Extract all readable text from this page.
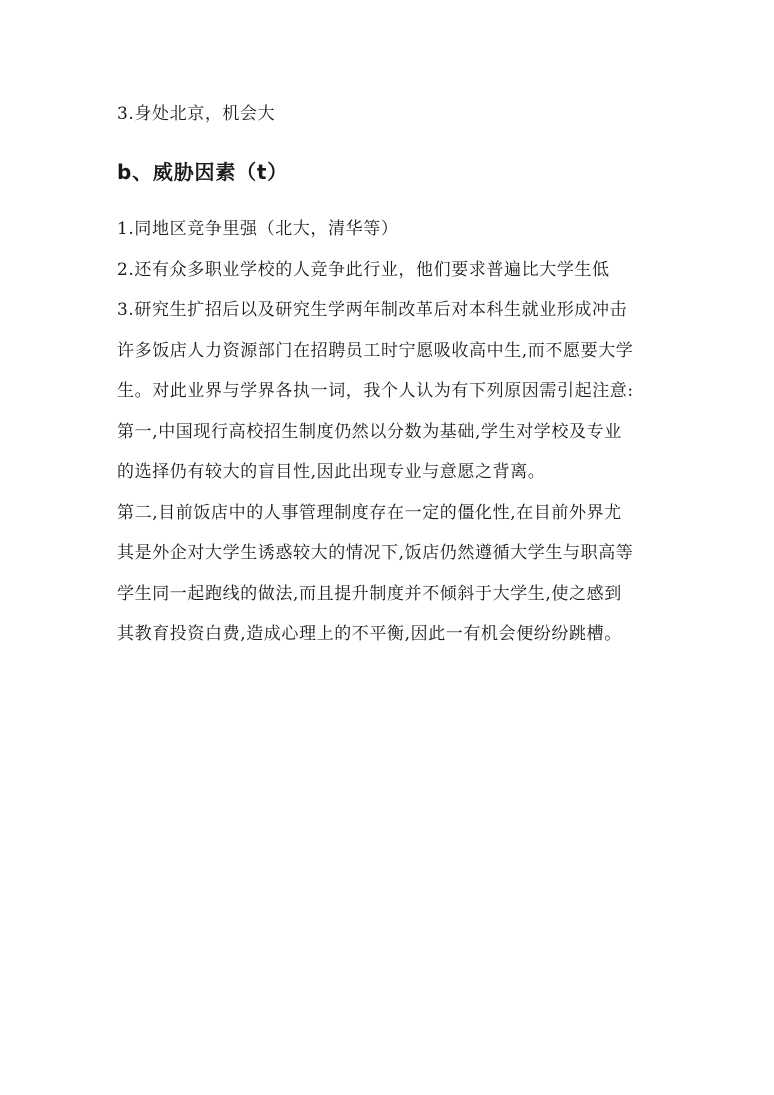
3.身处北京，机会大
b、威胁因素（t）
1.同地区竞争里强（北大，清华等）
2.还有众多职业学校的人竞争此行业，他们要求普遍比大学生低
3.研究生扩招后以及研究生学两年制改革后对本科生就业形成冲击
许多饭店人力资源部门在招聘员工时宁愿吸收高中生,而不愿要大学
生。对此业界与学界各执一词，我个人认为有下列原因需引起注意:
第一,中国现行高校招生制度仍然以分数为基础,学生对学校及专业
的选择仍有较大的盲目性,因此出现专业与意愿之背离。
第二,目前饭店中的人事管理制度存在一定的僵化性,在目前外界尤
其是外企对大学生诱惑较大的情况下,饭店仍然遵循大学生与职高等
学生同一起跑线的做法,而且提升制度并不倾斜于大学生,使之感到
其教育投资白费,造成心理上的不平衡,因此一有机会便纷纷跳槽。
